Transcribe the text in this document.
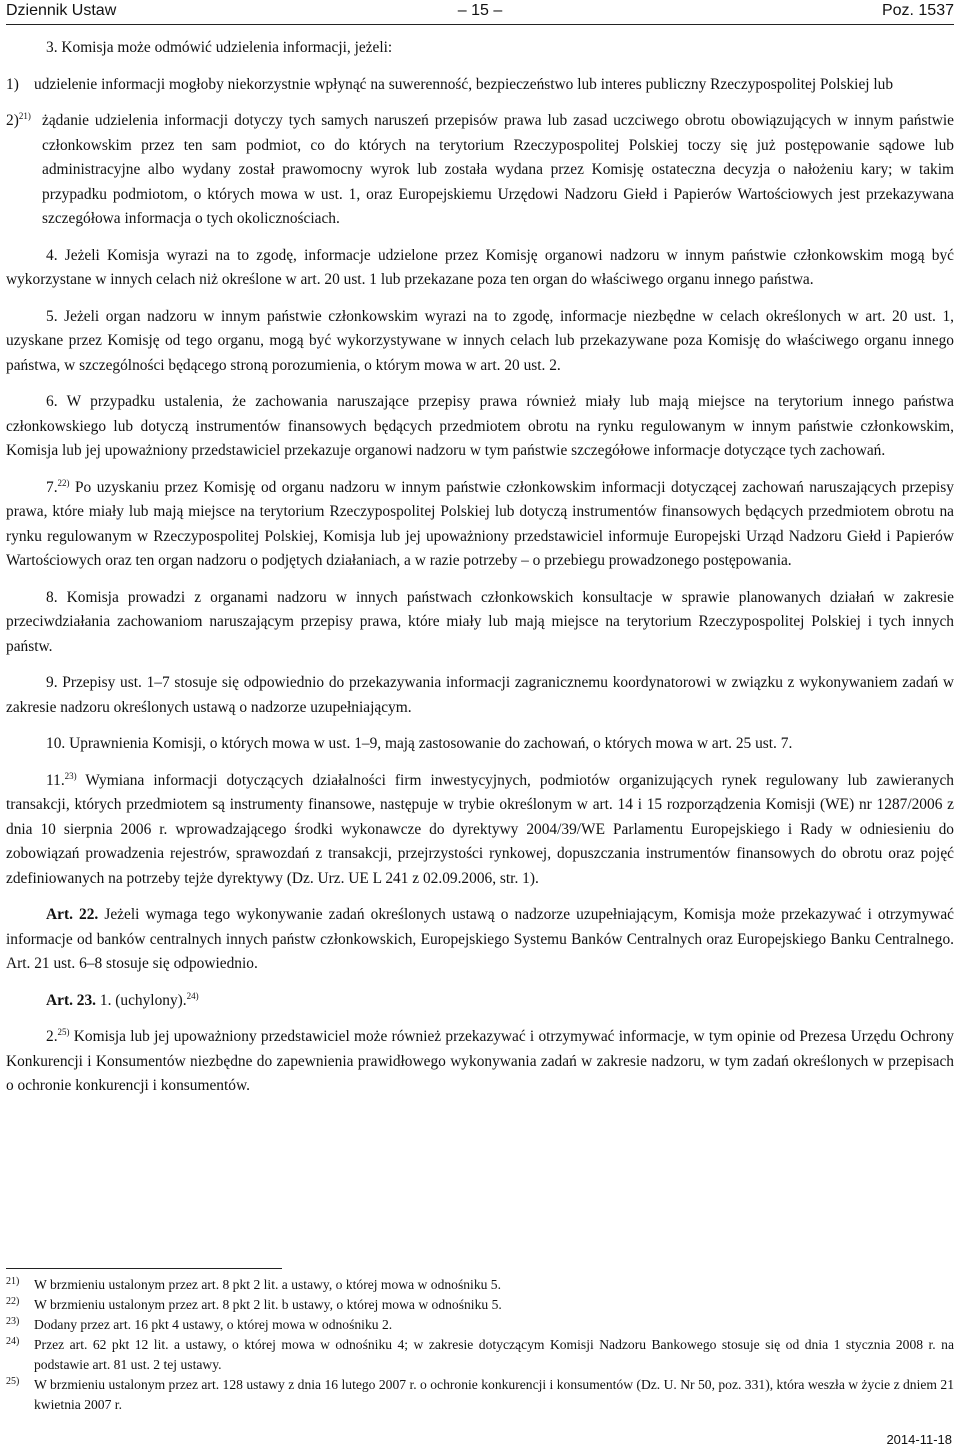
Dziennik Ustaw	– 15 –	Poz. 1537

3. Komisja może odmówić udzielenia informacji, jeżeli:

1) udzielenie informacji mogłoby niekorzystnie wpłynąć na suwerenność, bezpieczeństwo lub interes publiczny Rzeczypospolitej Polskiej lub
2)$^{21)}$ żądanie udzielenia informacji dotyczy tych samych naruszeń przepisów prawa lub zasad uczciwego obrotu obowiązujących w innym państwie członkowskim przez ten sam podmiot, co do których na terytorium Rzeczypospolitej Polskiej toczy się już postępowanie sądowe lub administracyjne albo wydany został prawomocny wyrok lub została wydana przez Komisję ostateczna decyzja o nałożeniu kary; w takim przypadku podmiotom, o których mowa w ust. 1, oraz Europejskiemu Urzędowi Nadzoru Giełd i Papierów Wartościowych jest przekazywana szczegółowa informacja o tych okolicznościach.

4. Jeżeli Komisja wyrazi na to zgodę, informacje udzielone przez Komisję organowi nadzoru w innym państwie członkowskim mogą być wykorzystane w innych celach niż określone w art. 20 ust. 1 lub przekazane poza ten organ do właściwego organu innego państwa.

5. Jeżeli organ nadzoru w innym państwie członkowskim wyrazi na to zgodę, informacje niezbędne w celach określonych w art. 20 ust. 1, uzyskane przez Komisję od tego organu, mogą być wykorzystywane w innych celach lub przekazywane poza Komisję do właściwego organu innego państwa, w szczególności będącego stroną porozumienia, o którym mowa w art. 20 ust. 2.

6. W przypadku ustalenia, że zachowania naruszające przepisy prawa również miały lub mają miejsce na terytorium innego państwa członkowskiego lub dotyczą instrumentów finansowych będących przedmiotem obrotu na rynku regulowanym w innym państwie członkowskim, Komisja lub jej upoważniony przedstawiciel przekazuje organowi nadzoru w tym państwie szczegółowe informacje dotyczące tych zachowań.

7.$^{22)}$ Po uzyskaniu przez Komisję od organu nadzoru w innym państwie członkowskim informacji dotyczącej zachowań naruszających przepisy prawa, które miały lub mają miejsce na terytorium Rzeczypospolitej Polskiej lub dotyczą instrumentów finansowych będących przedmiotem obrotu na rynku regulowanym w Rzeczypospolitej Polskiej, Komisja lub jej upoważniony przedstawiciel informuje Europejski Urząd Nadzoru Giełd i Papierów Wartościowych oraz ten organ nadzoru o podjętych działaniach, a w razie potrzeby – o przebiegu prowadzonego postępowania.

8. Komisja prowadzi z organami nadzoru w innych państwach członkowskich konsultacje w sprawie planowanych działań w zakresie przeciwdziałania zachowaniom naruszającym przepisy prawa, które miały lub mają miejsce na terytorium Rzeczypospolitej Polskiej i tych innych państw.

9. Przepisy ust. 1–7 stosuje się odpowiednio do przekazywania informacji zagranicznemu koordynatorowi w związku z wykonywaniem zadań w zakresie nadzoru określonych ustawą o nadzorze uzupełniającym.

10. Uprawnienia Komisji, o których mowa w ust. 1–9, mają zastosowanie do zachowań, o których mowa w art. 25 ust. 7.

11.$^{23)}$ Wymiana informacji dotyczących działalności firm inwestycyjnych, podmiotów organizujących rynek regulowany lub zawieranych transakcji, których przedmiotem są instrumenty finansowe, następuje w trybie określonym w art. 14 i 15 rozporządzenia Komisji (WE) nr 1287/2006 z dnia 10 sierpnia 2006 r. wprowadzającego środki wykonawcze do dyrektywy 2004/39/WE Parlamentu Europejskiego i Rady w odniesieniu do zobowiązań prowadzenia rejestrów, sprawozdań z transakcji, przejrzystości rynkowej, dopuszczania instrumentów finansowych do obrotu oraz pojęć zdefiniowanych na potrzeby tejże dyrektywy (Dz. Urz. UE L 241 z 02.09.2006, str. 1).

Art. 22. Jeżeli wymaga tego wykonywanie zadań określonych ustawą o nadzorze uzupełniającym, Komisja może przekazywać i otrzymywać informacje od banków centralnych innych państw członkowskich, Europejskiego Systemu Banków Centralnych oraz Europejskiego Banku Centralnego. Art. 21 ust. 6–8 stosuje się odpowiednio.

Art. 23. 1. (uchylony).$^{24)}$

2.$^{25)}$ Komisja lub jej upoważniony przedstawiciel może również przekazywać i otrzymywać informacje, w tym opinie od Prezesa Urzędu Ochrony Konkurencji i Konsumentów niezbędne do zapewnienia prawidłowego wykonywania zadań w zakresie nadzoru, w tym zadań określonych w przepisach o ochronie konkurencji i konsumentów.

21) W brzmieniu ustalonym przez art. 8 pkt 2 lit. a ustawy, o której mowa w odnośniku 5.
22) W brzmieniu ustalonym przez art. 8 pkt 2 lit. b ustawy, o której mowa w odnośniku 5.
23) Dodany przez art. 16 pkt 4 ustawy, o której mowa w odnośniku 2.
24) Przez art. 62 pkt 12 lit. a ustawy, o której mowa w odnośniku 4; w zakresie dotyczącym Komisji Nadzoru Bankowego stosuje się od dnia 1 stycznia 2008 r. na podstawie art. 81 ust. 2 tej ustawy.
25) W brzmieniu ustalonym przez art. 128 ustawy z dnia 16 lutego 2007 r. o ochronie konkurencji i konsumentów (Dz. U. Nr 50, poz. 331), która weszła w życie z dniem 21 kwietnia 2007 r.
2014-11-18
